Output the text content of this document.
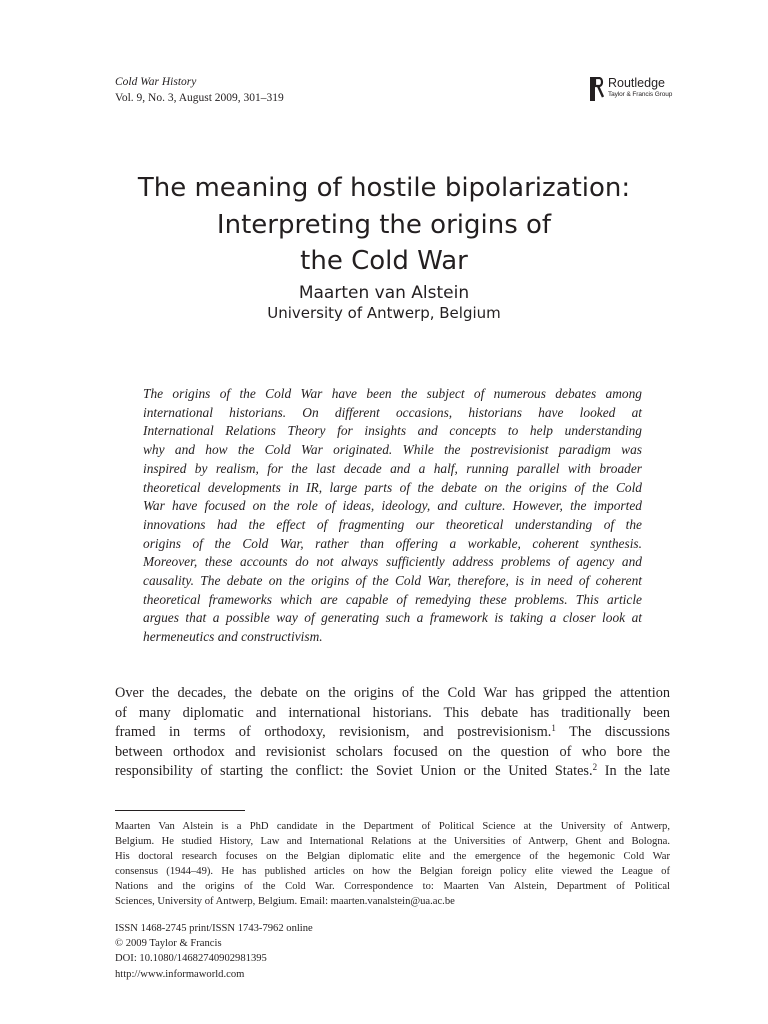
Cold War History
Vol. 9, No. 3, August 2009, 301–319
Routledge
Taylor & Francis Group
The meaning of hostile bipolarization:
Interpreting the origins of
the Cold War
Maarten van Alstein
University of Antwerp, Belgium
The origins of the Cold War have been the subject of numerous debates among
international historians. On different occasions, historians have looked at
International Relations Theory for insights and concepts to help understanding
why and how the Cold War originated. While the postrevisionist paradigm was
inspired by realism, for the last decade and a half, running parallel with broader
theoretical developments in IR, large parts of the debate on the origins of the Cold
War have focused on the role of ideas, ideology, and culture. However, the imported
innovations had the effect of fragmenting our theoretical understanding of the
origins of the Cold War, rather than offering a workable, coherent synthesis.
Moreover, these accounts do not always sufficiently address problems of agency and
causality. The debate on the origins of the Cold War, therefore, is in need of coherent
theoretical frameworks which are capable of remedying these problems. This article
argues that a possible way of generating such a framework is taking a closer look at
hermeneutics and constructivism.
Over the decades, the debate on the origins of the Cold War has gripped the attention
of many diplomatic and international historians. This debate has traditionally been
framed in terms of orthodoxy, revisionism, and postrevisionism.$^1$ The discussions
between orthodox and revisionist scholars focused on the question of who bore the
responsibility of starting the conflict: the Soviet Union or the United States.$^2$ In the late
Maarten Van Alstein is a PhD candidate in the Department of Political Science at the University of Antwerp,
Belgium. He studied History, Law and International Relations at the Universities of Antwerp, Ghent and Bologna.
His doctoral research focuses on the Belgian diplomatic elite and the emergence of the hegemonic Cold War
consensus (1944–49). He has published articles on how the Belgian foreign policy elite viewed the League of
Nations and the origins of the Cold War. Correspondence to: Maarten Van Alstein, Department of Political
Sciences, University of Antwerp, Belgium. Email: maarten.vanalstein@ua.ac.be
ISSN 1468-2745 print/ISSN 1743-7962 online
© 2009 Taylor & Francis
DOI: 10.1080/14682740902981395
http://www.informaworld.com
